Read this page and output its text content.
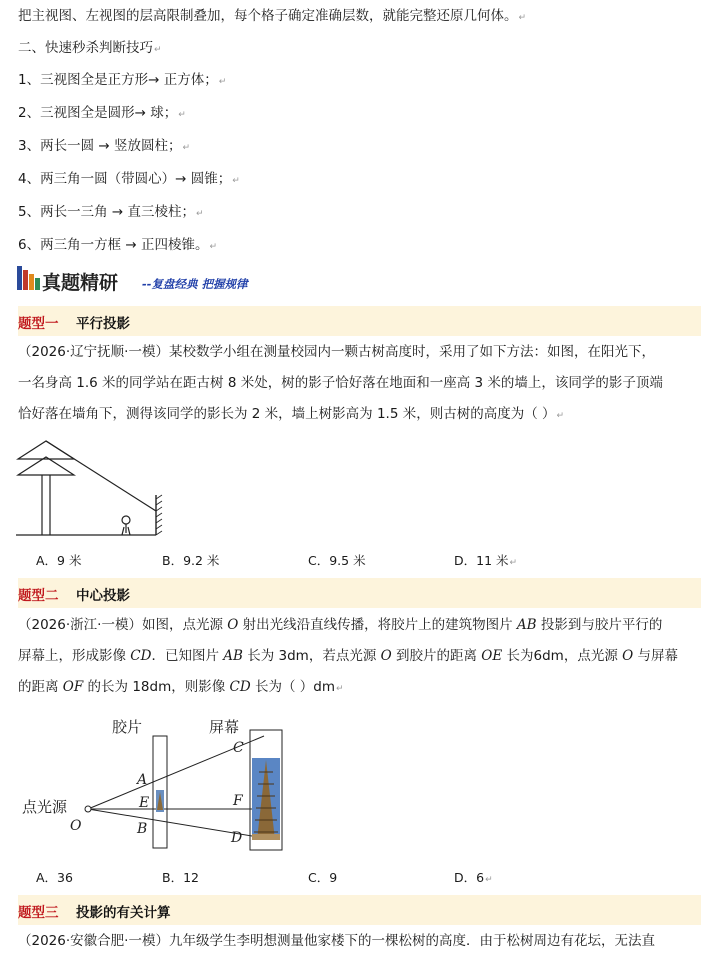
把主视图、左视图的层高限制叠加，每个格子确定准确层数，就能完整还原几何体。↵
二、快速秒杀判断技巧↵
1、三视图全是正方形→ 正方体；↵
2、三视图全是圆形→ 球；↵
3、两长一圆 → 竖放圆柱；↵
4、两三角一圆（带圆心）→ 圆锥；↵
5、两长一三角 → 直三棱柱；↵
6、两三角一方框 → 正四棱锥。↵
真题精研 --复盘经典 把握规律
题型一 平行投影
（2026·辽宁抚顺·一模）某校数学小组在测量校园内一颗古树高度时，采用了如下方法：如图，在阳光下，
一名身高 1.6 米的同学站在距古树 8 米处，树的影子恰好落在地面和一座高 3 米的墙上，该同学的影子顶端
恰好落在墙角下，测得该同学的影长为 2 米，墙上树影高为 1.5 米，则古树的高度为（ ）↵
A．9 米	B．9.2 米	C．9.5 米	D．11 米↵
题型二 中心投影
（2026·浙江·一模）如图，点光源 O 射出光线沿直线传播，将胶片上的建筑物图片 AB 投影到与胶片平行的
屏幕上，形成影像 CD．已知图片 AB 长为 3dm，若点光源 O 到胶片的距离 OE 长为6dm，点光源 O 与屏幕
的距离 OF 的长为 18dm，则影像 CD 长为（ ）dm↵
胶片	屏幕
点光源
O
A
E
B
C
F
D
A．36	B．12	C．9	D．6↵
题型三 投影的有关计算
（2026·安徽合肥·一模）九年级学生李明想测量他家楼下的一棵松树的高度．由于松树周边有花坛，无法直
